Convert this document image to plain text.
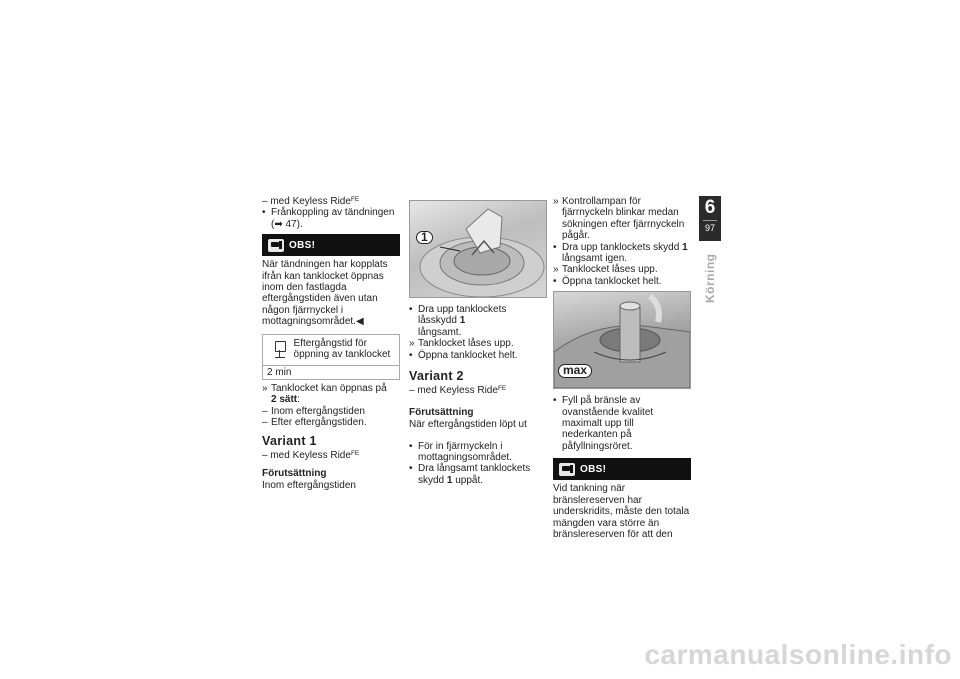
– med Keyless Ride$^{FE}$

• Frånkoppling av tändningen

(➡ 47).

OBS!

När tändningen har kopplats ifrån kan tanklocket öppnas inom den fastlagda eftergångstiden även utan någon fjärrnyckel i mottagningsområdet.◀

Eftergångstid för öppning av tanklocket
2 min

» Tanklocket kan öppnas på
2 sätt:

– Inom eftergångstiden

– Efter eftergångstiden.

Variant 1

– med Keyless Ride$^{FE}$

Förutsättning

Inom eftergångstiden

1

• Dra upp tanklockets låsskydd 1
långsamt.

» Tanklocket låses upp.

• Öppna tanklocket helt.

Variant 2

– med Keyless Ride$^{FE}$

Förutsättning

När eftergångstiden löpt ut

• För in fjärrnyckeln i mottagningsområdet.

• Dra långsamt tanklockets skydd 1 uppåt.

» Kontrollampan för fjärrnyckeln blinkar medan sökningen efter fjärrnyckeln pågår.

• Dra upp tanklockets skydd 1
långsamt igen.

» Tanklocket låses upp.

• Öppna tanklocket helt.

max

• Fyll på bränsle av ovanstående kvalitet maximalt upp till nederkanten på påfyllningsröret.

OBS!

Vid tankning när bränslereserven har underskridits, måste den totala mängden vara större än bränslereserven för att den

6
97
Körning
carmanualsonline.info
